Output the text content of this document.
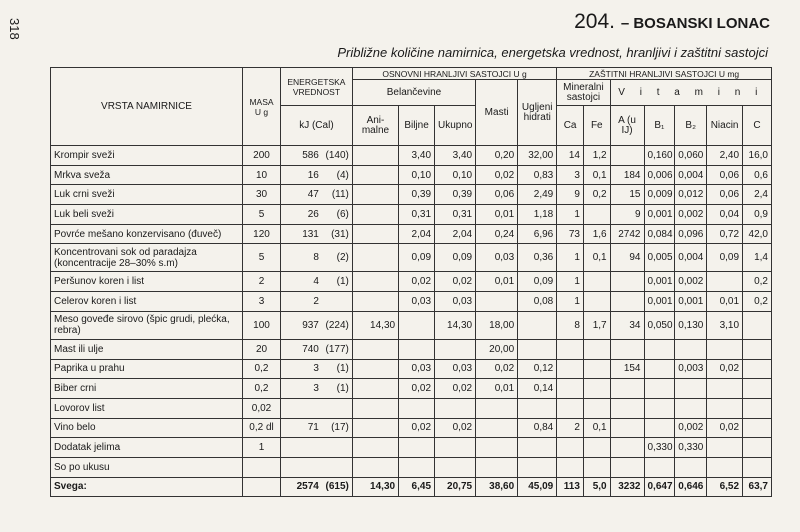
318	204. – BOSANSKI LONAC
Približne količine namirnica, energetska vrednost, hranljivi i zaštitni sastojci
VRSTA NAMIRNICE	MASA U g	ENERGETSKA VREDNOST	OSNOVNI HRANLJIVI SASTOJCI U g					ZAŠTITNI HRANLJIVI SASTOJCI U mg						
			Belančevine			Masti	Ugljeni hidrati	Mineralni sastojci		V i t a m i n i				
		kJ (Cal)	Ani-malne	Biljne	Ukupno			Ca	Fe	A (u IJ)	B₁	B₂	Niacin	C
Krompir sveži	200	586 (140)		3,40	3,40	0,20	32,00	14	1,2		0,160	0,060	2,40	16,0
Mrkva sveža	10	16 (4)		0,10	0,10	0,02	0,83	3	0,1	184	0,006	0,004	0,06	0,6
Luk crni sveži	30	47 (11)		0,39	0,39	0,06	2,49	9	0,2	15	0,009	0,012	0,06	2,4
Luk beli sveži	5	26 (6)		0,31	0,31	0,01	1,18	1		9	0,001	0,002	0,04	0,9
Povrće mešano konzervisano (đuveč)	120	131 (31)		2,04	2,04	0,24	6,96	73	1,6	2742	0,084	0,096	0,72	42,0
Koncentrovani sok od paradajza (koncentracije 28–30% s.m)	5	8 (2)		0,09	0,09	0,03	0,36	1	0,1	94	0,005	0,004	0,09	1,4
Peršunov koren i list	2	4 (1)		0,02	0,02	0,01	0,09	1			0,001	0,002		0,2
Celerov koren i list	3	2		0,03	0,03		0,08	1			0,001	0,001	0,01	0,2
Meso goveđe sirovo (špic grudi, plećka, rebra)	100	937 (224)	14,30		14,30	18,00		8	1,7	34	0,050	0,130	3,10	
Mast ili ulje	20	740 (177)				20,00								
Paprika u prahu	0,2	3 (1)		0,03	0,03	0,02	0,12			154		0,003	0,02	
Biber crni	0,2	3 (1)		0,02	0,02	0,01	0,14							
Lovorov list	0,02													
Vino belo	0,2 dl	71 (17)		0,02	0,02		0,84	2	0,1			0,002	0,02	
Dodatak jelima	1										0,330	0,330		
So po ukusu														
Svega:		2574 (615)	14,30	6,45	20,75	38,60	45,09	113	5,0	3232	0,647	0,646	6,52	63,7
